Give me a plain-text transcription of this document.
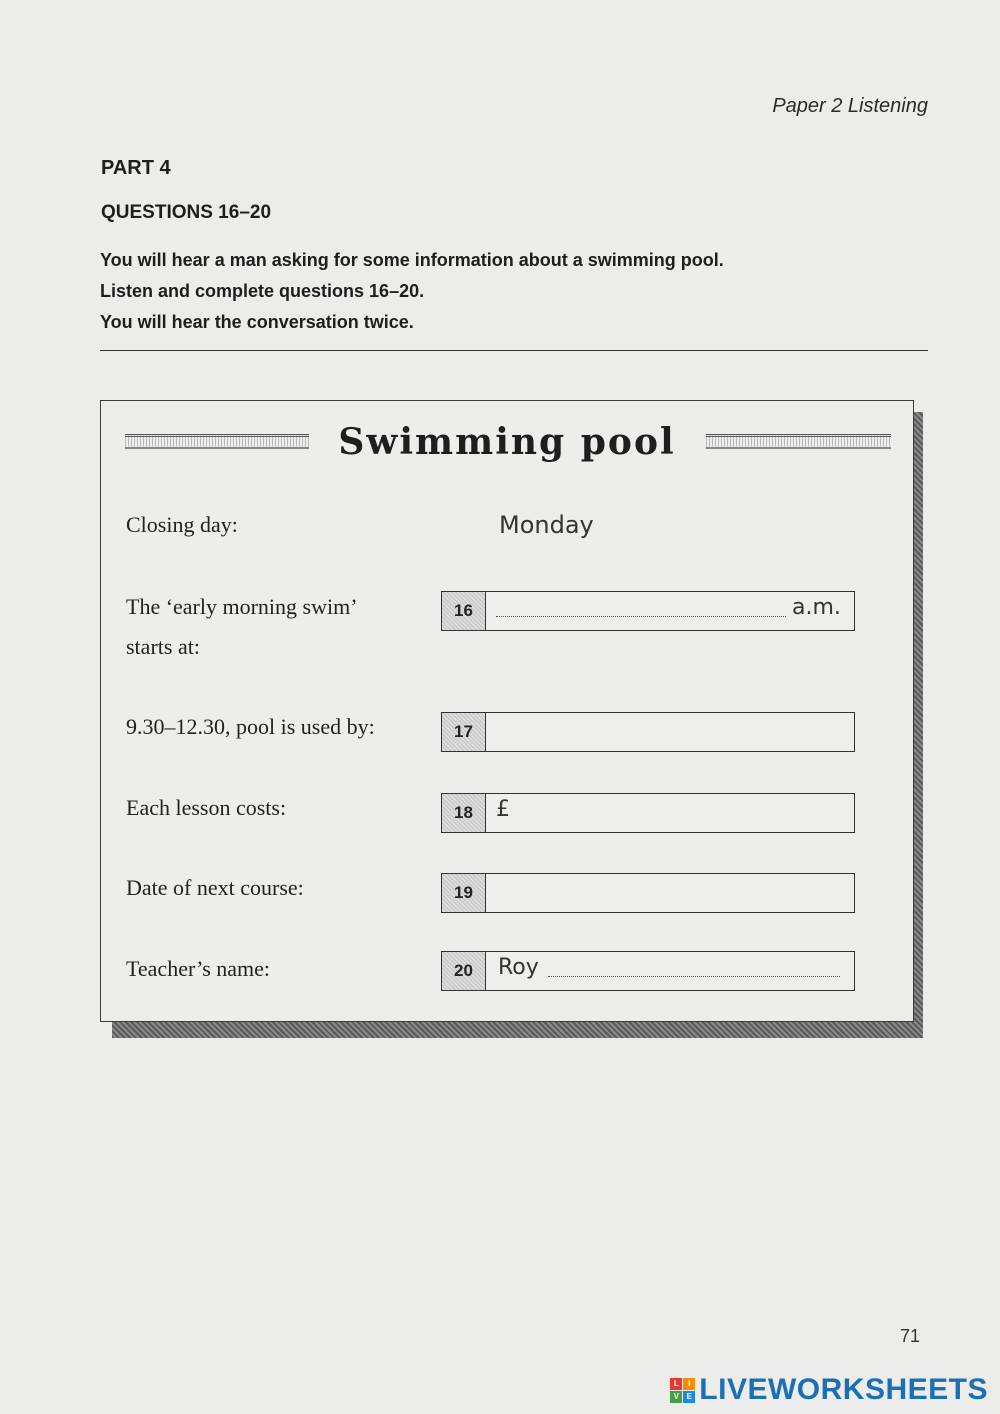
Paper 2 Listening
PART 4
QUESTIONS 16–20

You will hear a man asking for some information about a swimming pool.

Listen and complete questions 16–20.

You will hear the conversation twice.

Swimming pool
Closing day:	Monday
The ‘early morning swim’
starts at:
16	a.m.
9.30–12.30, pool is used by:	17
Each lesson costs:	18	£
Date of next course:	19
Teacher’s name:	20	Roy
71
L	I
V E LIVEWORKSHEETS
